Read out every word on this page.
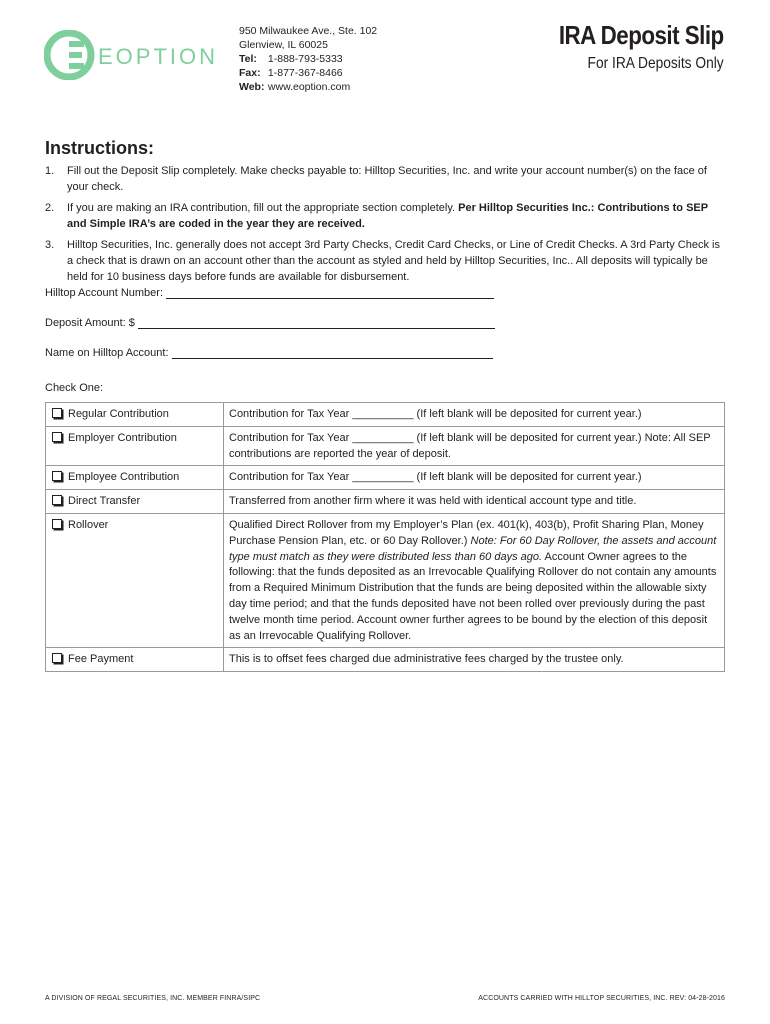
EOPTION
950 Milwaukee Ave., Ste. 102
Glenview, IL 60025
Tel: 1-888-793-5333
Fax: 1-877-367-8466
Web: www.eoption.com
IRA Deposit Slip
For IRA Deposits Only
Instructions:
1.	Fill out the Deposit Slip completely. Make checks payable to: Hilltop Securities, Inc. and write your account number(s) on the face of your check.
2.	If you are making an IRA contribution, fill out the appropriate section completely. Per Hilltop Securities Inc.: Contributions to SEP and Simple IRA’s are coded in the year they are received.
3.	Hilltop Securities, Inc. generally does not accept 3rd Party Checks, Credit Card Checks, or Line of Credit Checks. A 3rd Party Check is a check that is drawn on an account other than the account as styled and held by Hilltop Securities, Inc.. All deposits will typically be held for 10 business days before funds are available for disbursement.
Hilltop Account Number:
Deposit Amount: $
Name on Hilltop Account:
Check One:
Regular Contribution	Contribution for Tax Year __________ (If left blank will be deposited for current year.)
Employer Contribution	Contribution for Tax Year __________ (If left blank will be deposited for current year.) Note: All SEP contributions are reported the year of deposit.
Employee Contribution	Contribution for Tax Year __________ (If left blank will be deposited for current year.)
Direct Transfer	Transferred from another firm where it was held with identical account type and title.
Rollover	Qualified Direct Rollover from my Employer’s Plan (ex. 401(k), 403(b), Profit Sharing Plan, Money Purchase Pension Plan, etc. or 60 Day Rollover.) Note: For 60 Day Rollover, the assets and account type must match as they were distributed less than 60 days ago. Account Owner agrees to the following: that the funds deposited as an Irrevocable Qualifying Rollover do not contain any amounts from a Required Minimum Distribution that the funds are being deposited within the allowable sixty day time period; and that the funds deposited have not been rolled over previously during the past twelve month time period. Account owner further agrees to be bound by the election of this deposit as an Irrevocable Qualifying Rollover.
Fee Payment	This is to offset fees charged due administrative fees charged by the trustee only.
A DIVISION OF REGAL SECURITIES, INC. MEMBER FINRA/SIPC	ACCOUNTS CARRIED WITH HILLTOP SECURITIES, INC. REV: 04-28-2016
